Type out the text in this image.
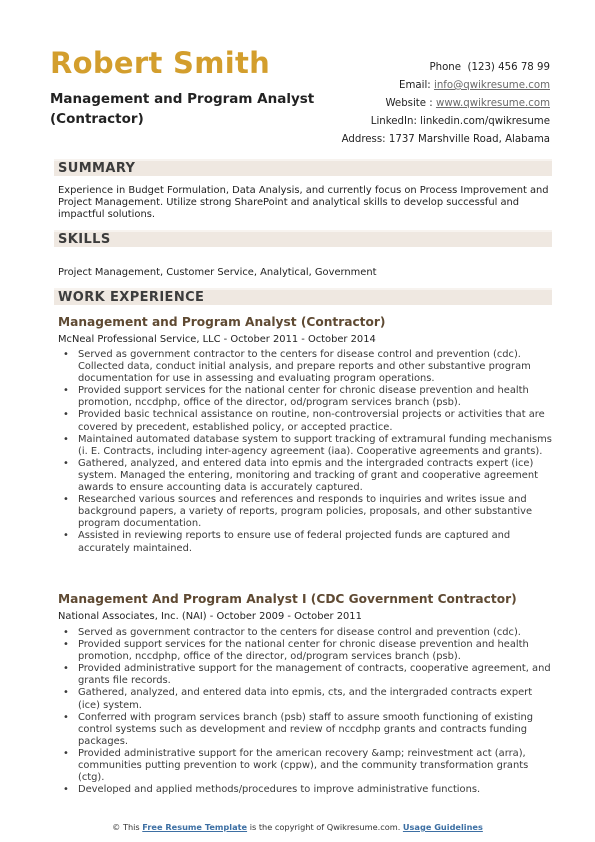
Robert Smith
Management and Program Analyst (Contractor)
Phone (123) 456 78 99
Email: info@qwikresume.com
Website : www.qwikresume.com
LinkedIn: linkedin.com/qwikresume
Address: 1737 Marshville Road, Alabama
SUMMARY
Experience in Budget Formulation, Data Analysis, and currently focus on Process Improvement and Project Management. Utilize strong SharePoint and analytical skills to develop successful and impactful solutions.
SKILLS
Project Management, Customer Service, Analytical, Government
WORK EXPERIENCE
Management and Program Analyst (Contractor)
McNeal Professional Service, LLC - October 2011 - October 2014
• Served as government contractor to the centers for disease control and prevention (cdc). Collected data, conduct initial analysis, and prepare reports and other substantive program documentation for use in assessing and evaluating program operations.
• Provided support services for the national center for chronic disease prevention and health promotion, nccdphp, office of the director, od/program services branch (psb).
• Provided basic technical assistance on routine, non-controversial projects or activities that are covered by precedent, established policy, or accepted practice.
• Maintained automated database system to support tracking of extramural funding mechanisms (i. E. Contracts, including inter-agency agreement (iaa). Cooperative agreements and grants).
• Gathered, analyzed, and entered data into epmis and the intergraded contracts expert (ice) system. Managed the entering, monitoring and tracking of grant and cooperative agreement awards to ensure accounting data is accurately captured.
• Researched various sources and references and responds to inquiries and writes issue and background papers, a variety of reports, program policies, proposals, and other substantive program documentation.
• Assisted in reviewing reports to ensure use of federal projected funds are captured and accurately maintained.
Management And Program Analyst I (CDC Government Contractor)
National Associates, Inc. (NAI) - October 2009 - October 2011
• Served as government contractor to the centers for disease control and prevention (cdc).
• Provided support services for the national center for chronic disease prevention and health promotion, nccdphp, office of the director, od/program services branch (psb).
• Provided administrative support for the management of contracts, cooperative agreement, and grants file records.
• Gathered, analyzed, and entered data into epmis, cts, and the intergraded contracts expert (ice) system.
• Conferred with program services branch (psb) staff to assure smooth functioning of existing control systems such as development and review of nccdphp grants and contracts funding packages.
• Provided administrative support for the american recovery &amp; reinvestment act (arra), communities putting prevention to work (cppw), and the community transformation grants (ctg).
• Developed and applied methods/procedures to improve administrative functions.
© This Free Resume Template is the copyright of Qwikresume.com. Usage Guidelines
